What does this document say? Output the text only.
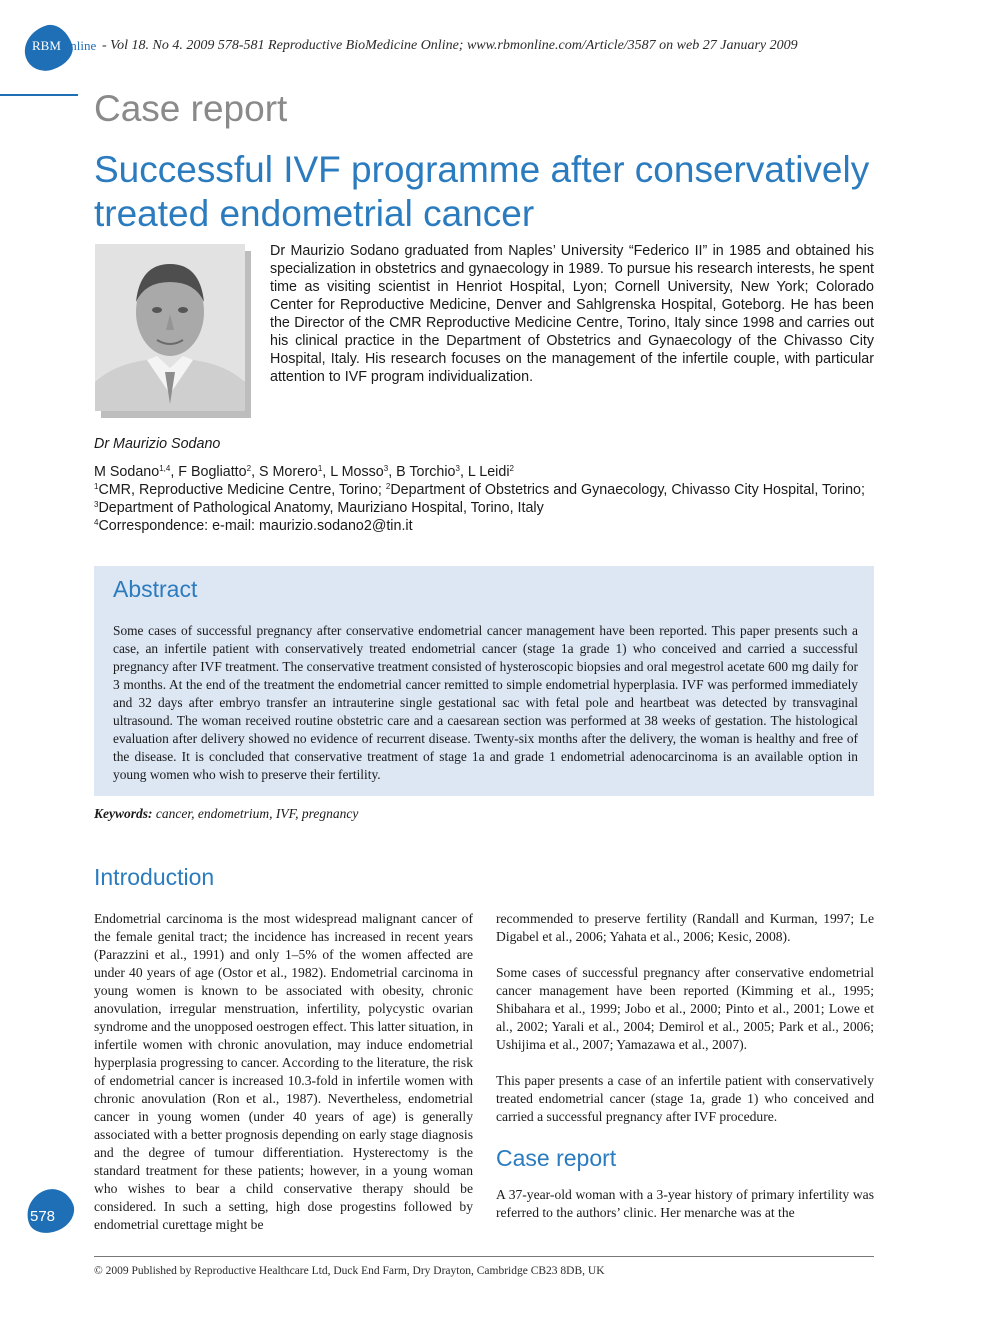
RBMOnline - Vol 18. No 4. 2009 578-581 Reproductive BioMedicine Online; www.rbmonline.com/Article/3587 on web 27 January 2009
Case report
Successful IVF programme after conservatively
treated endometrial cancer
Dr Maurizio Sodano graduated from Naples’ University “Federico II” in 1985 and obtained his specialization in obstetrics and gynaecology in 1989. To pursue his research interests, he spent time as visiting scientist in Henriot Hospital, Lyon; Cornell University, New York; Colorado Center for Reproductive Medicine, Denver and Sahlgrenska Hospital, Goteborg. He has been the Director of the CMR Reproductive Medicine Centre, Torino, Italy since 1998 and carries out his clinical practice in the Department of Obstetrics and Gynaecology of the Chivasso City Hospital, Italy. His research focuses on the management of the infertile couple, with particular attention to IVF program individualization.
Dr Maurizio Sodano

M Sodano$^{1,4}$, F Bogliatto$^2$, S Morero$^1$, L Mosso$^3$, B Torchio$^3$, L Leidi$^2$

$^1$CMR, Reproductive Medicine Centre, Torino; $^2$Department of Obstetrics and Gynaecology, Chivasso City Hospital, Torino; $^3$Department of Pathological Anatomy, Mauriziano Hospital, Torino, Italy

$^4$Correspondence: e-mail: maurizio.sodano2@tin.it

Abstract
Some cases of successful pregnancy after conservative endometrial cancer management have been reported. This paper presents such a case, an infertile patient with conservatively treated endometrial cancer (stage 1a grade 1) who conceived and carried a successful pregnancy after IVF treatment. The conservative treatment consisted of hysteroscopic biopsies and oral megestrol acetate 600 mg daily for 3 months. At the end of the treatment the endometrial cancer remitted to simple endometrial hyperplasia. IVF was performed immediately and 32 days after embryo transfer an intrauterine single gestational sac with fetal pole and heartbeat was detected by transvaginal ultrasound. The woman received routine obstetric care and a caesarean section was performed at 38 weeks of gestation. The histological evaluation after delivery showed no evidence of recurrent disease. Twenty-six months after the delivery, the woman is healthy and free of the disease. It is concluded that conservative treatment of stage 1a and grade 1 endometrial adenocarcinoma is an available option in young women who wish to preserve their fertility.
Keywords: cancer, endometrium, IVF, pregnancy
Introduction

Endometrial carcinoma is the most widespread malignant cancer of the female genital tract; the incidence has increased in recent years (Parazzini et al., 1991) and only 1–5% of the women affected are under 40 years of age (Ostor et al., 1982). Endometrial carcinoma in young women is known to be associated with obesity, chronic anovulation, irregular menstruation, infertility, polycystic ovarian syndrome and the unopposed oestrogen effect. This latter situation, in infertile women with chronic anovulation, may induce endometrial hyperplasia progressing to cancer. According to the literature, the risk of endometrial cancer is increased 10.3-fold in infertile women with chronic anovulation (Ron et al., 1987). Nevertheless, endometrial cancer in young women (under 40 years of age) is generally associated with a better prognosis depending on early stage diagnosis and the degree of tumour differentiation. Hysterectomy is the standard treatment for these patients; however, in a young woman who wishes to bear a child conservative therapy should be considered. In such a setting, high dose progestins followed by endometrial curettage might be

recommended to preserve fertility (Randall and Kurman, 1997; Le Digabel et al., 2006; Yahata et al., 2006; Kesic, 2008).

Some cases of successful pregnancy after conservative endometrial cancer management have been reported (Kimming et al., 1995; Shibahara et al., 1999; Jobo et al., 2000; Pinto et al., 2001; Lowe et al., 2002; Yarali et al., 2004; Demirol et al., 2005; Park et al., 2006; Ushijima et al., 2007; Yamazawa et al., 2007).

This paper presents a case of an infertile patient with conservatively treated endometrial cancer (stage 1a, grade 1) who conceived and carried a successful pregnancy after IVF procedure.

Case report

A 37-year-old woman with a 3-year history of primary infertility was referred to the authors’ clinic. Her menarche was at the

578
© 2009 Published by Reproductive Healthcare Ltd, Duck End Farm, Dry Drayton, Cambridge CB23 8DB, UK
